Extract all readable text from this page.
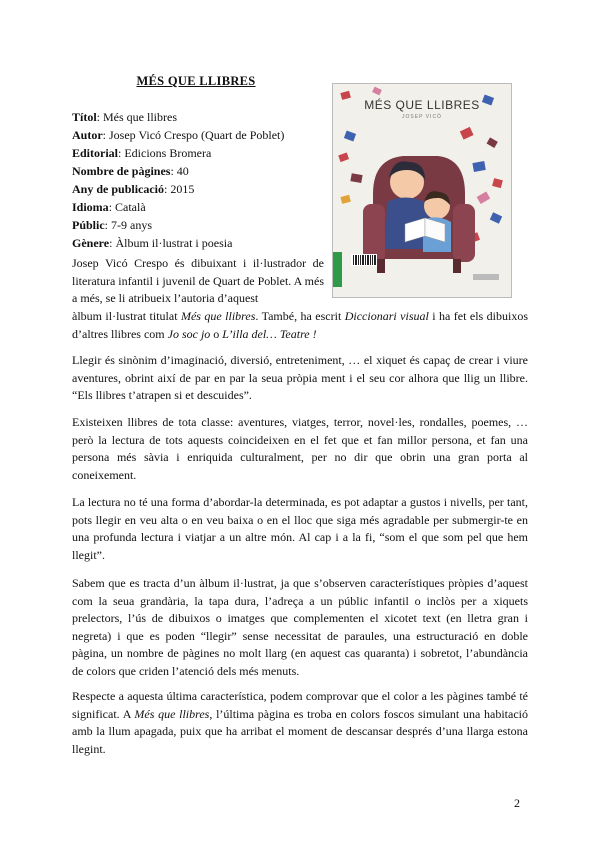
MÉS QUE LLIBRES
Títol: Més que llibres
Autor: Josep Vicó Crespo (Quart de Poblet)
Editorial: Edicions Bromera
Nombre de pàgines: 40
Any de publicació: 2015
Idioma: Català
Públic: 7-9 anys
Gènere: Àlbum il·lustrat i poesia
MÉS QUE LLIBRES
JOSEP VICÓ
Josep Vicó Crespo és dibuixant i il·lustrador de literatura infantil i juvenil de Quart de Poblet. A més a més, se li atribueix l’autoria d’aquest
àlbum il·lustrat titulat Més que llibres. També, ha escrit Diccionari visual i ha fet els dibuixos d’altres llibres com Jo soc jo o L’illa del… Teatre !
Llegir és sinònim d’imaginació, diversió, entreteniment, … el xiquet és capaç de crear i viure aventures, obrint així de par en par la seua pròpia ment i el seu cor alhora que llig un llibre. “Els llibres t’atrapen si et descuides”.
Existeixen llibres de tota classe: aventures, viatges, terror, novel·les, rondalles, poemes, … però la lectura de tots aquests coincideixen en el fet que et fan millor persona, et fan una persona més sàvia i enriquida culturalment, per no dir que obrin una gran porta al coneixement.
La lectura no té una forma d’abordar-la determinada, es pot adaptar a gustos i nivells, per tant, pots llegir en veu alta o en veu baixa o en el lloc que siga més agradable per submergir-te en una profunda lectura i viatjar a un altre món. Al cap i a la fi, “som el que som pel que hem llegit”.
Sabem que es tracta d’un àlbum il·lustrat, ja que s’observen característiques pròpies d’aquest com la seua grandària, la tapa dura, l’adreça a un públic infantil o inclòs per a xiquets prelectors, l’ús de dibuixos o imatges que complementen el xicotet text (en lletra gran i negreta) i que es poden “llegir” sense necessitat de paraules, una estructuració en doble pàgina, un nombre de pàgines no molt llarg (en aquest cas quaranta) i sobretot, l’abundància de colors que criden l’atenció dels més menuts.
Respecte a aquesta última característica, podem comprovar que el color a les pàgines també té significat. A Més que llibres, l’última pàgina es troba en colors foscos simulant una habitació amb la llum apagada, puix que ha arribat el moment de descansar després d’una llarga estona llegint.
2
